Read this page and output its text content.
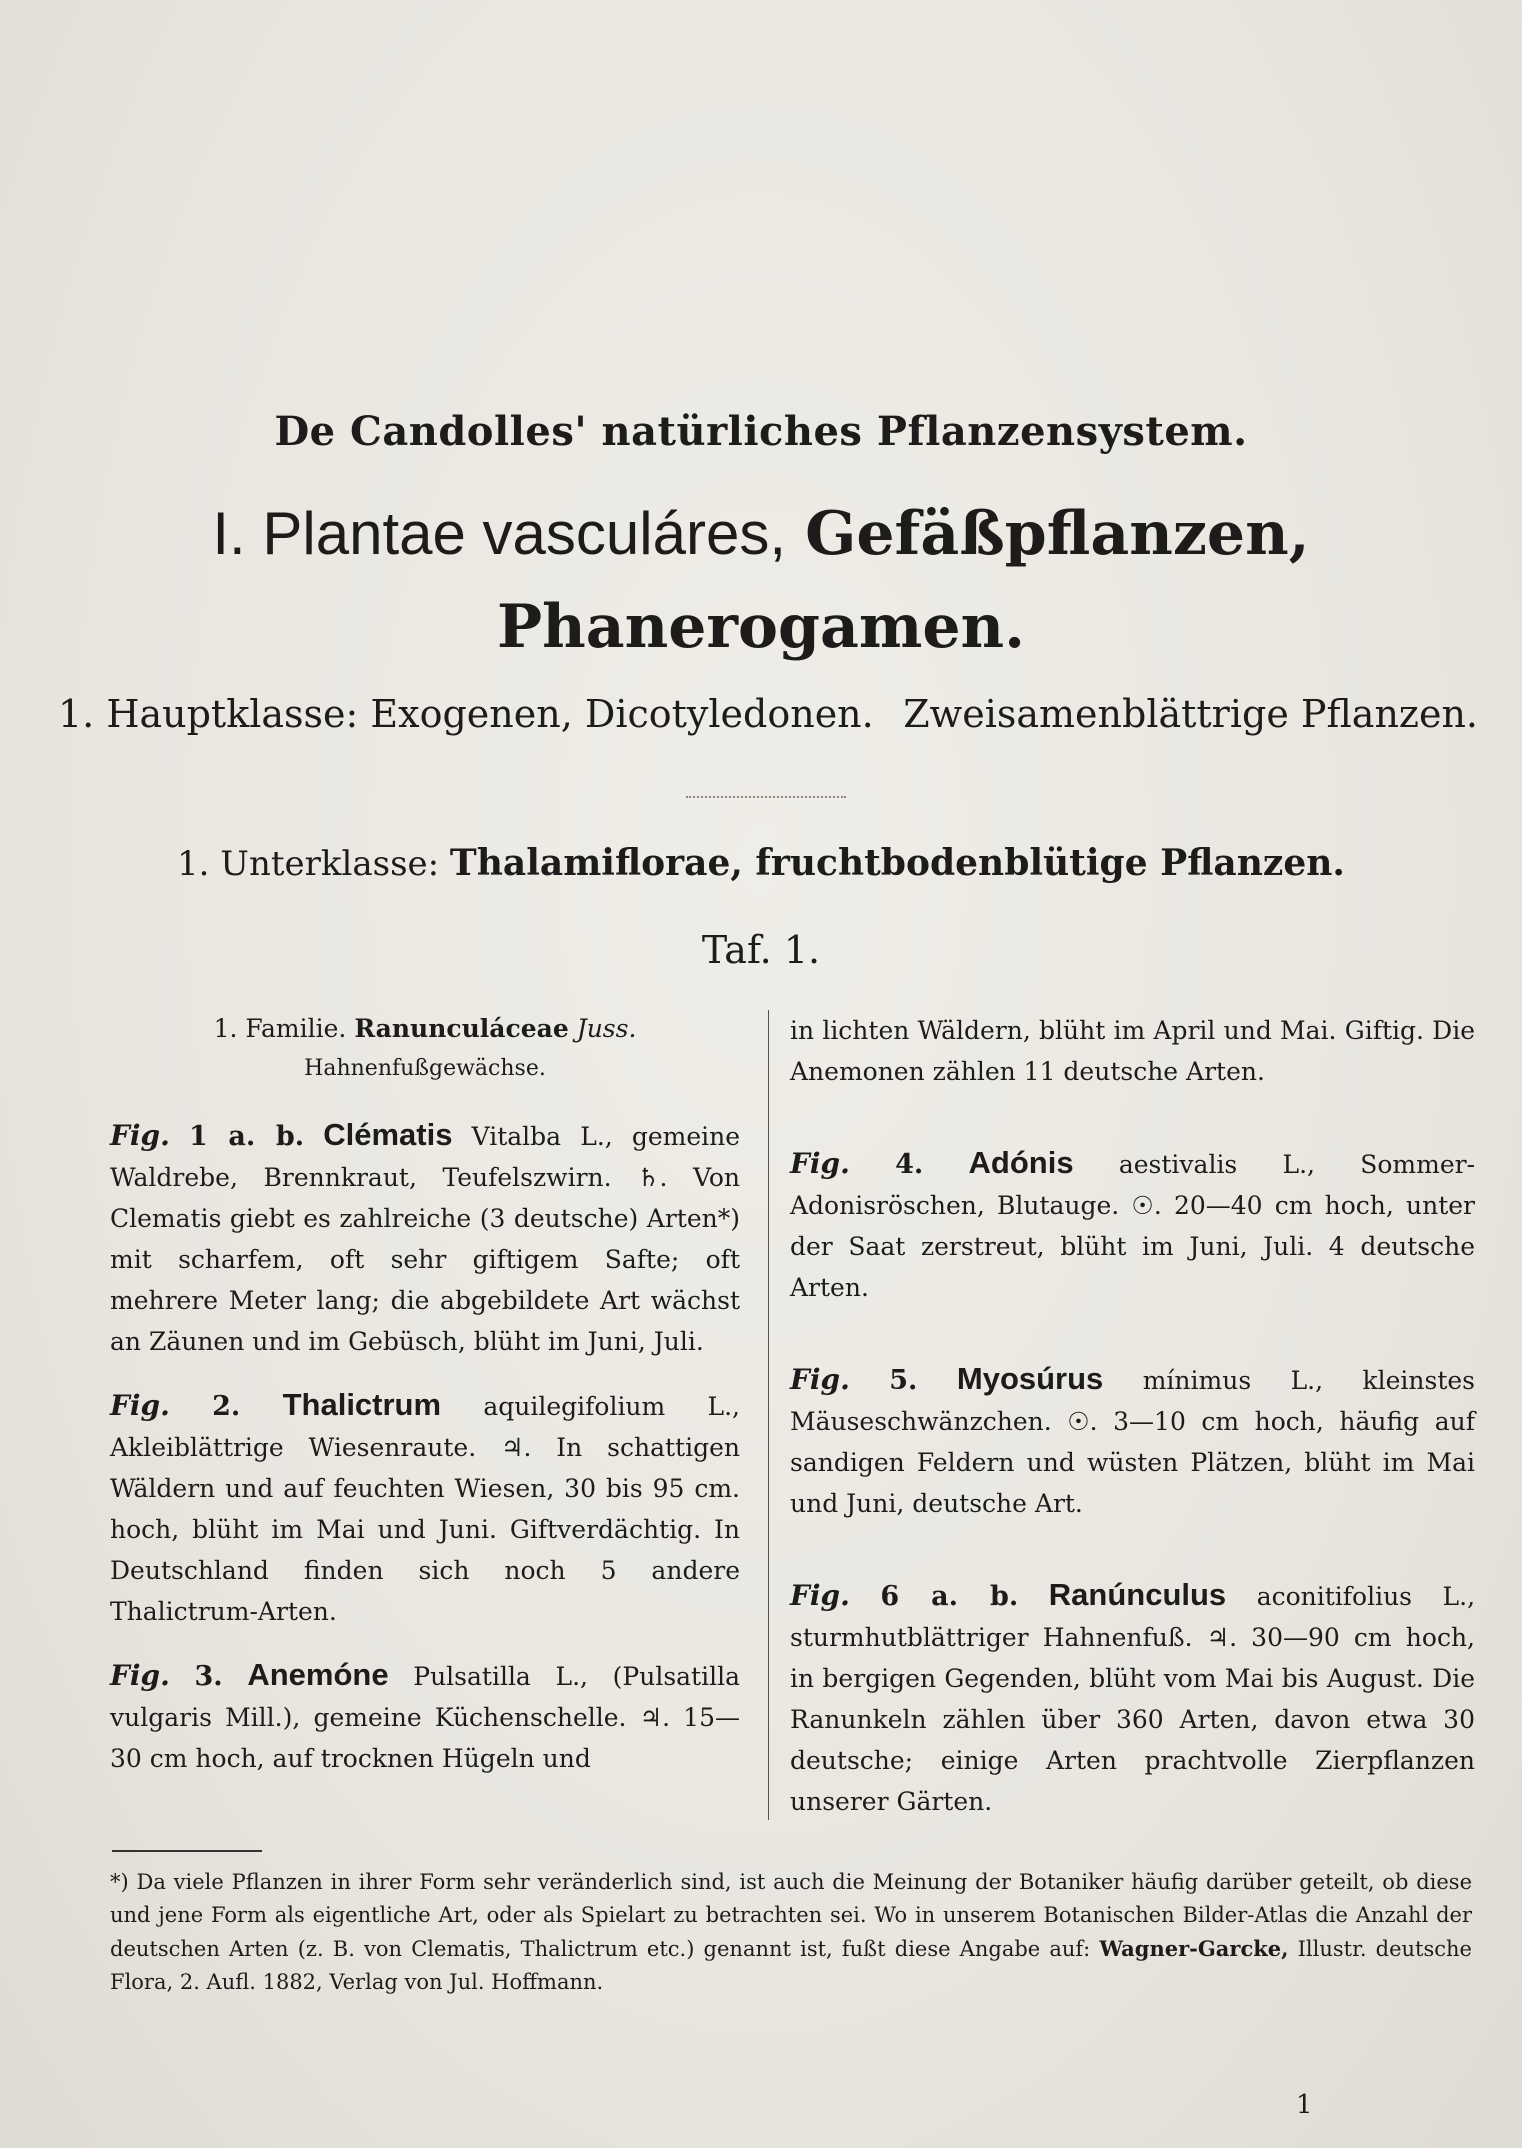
De Candolles' natürliches Pflanzensystem.
I. Plantae vasculáres, Gefäßpflanzen,
Phanerogamen.
1. Hauptklasse: Exogenen, Dicotyledonen. Zweisamenblättrige Pflanzen.
1. Unterklasse: Thalamiflorae, fruchtbodenblütige Pflanzen.
Taf. 1.
1. Familie. Ranunculáceae Juss.
Hahnenfußgewächse.
Fig. 1 a. b. Clématis Vitalba L., gemeine Waldrebe, Brennkraut, Teufelszwirn. ♄. Von Clematis giebt es zahlreiche (3 deutsche) Arten*) mit scharfem, oft sehr giftigem Safte; oft mehrere Meter lang; die abgebildete Art wächst an Zäunen und im Gebüsch, blüht im Juni, Juli.
Fig. 2. Thalictrum aquilegifolium L., Akleiblättrige Wiesenraute. ♃. In schattigen Wäldern und auf feuchten Wiesen, 30 bis 95 cm. hoch, blüht im Mai und Juni. Giftverdächtig. In Deutschland finden sich noch 5 andere Thalictrum-Arten.
Fig. 3. Anemóne Pulsatilla L., (Pulsatilla vulgaris Mill.), gemeine Küchenschelle. ♃. 15—30 cm hoch, auf trocknen Hügeln und
in lichten Wäldern, blüht im April und Mai. Giftig. Die Anemonen zählen 11 deutsche Arten.
Fig. 4. Adónis aestivalis L., Sommer-Adonisröschen, Blutauge. ☉. 20—40 cm hoch, unter der Saat zerstreut, blüht im Juni, Juli. 4 deutsche Arten.
Fig. 5. Myosúrus mínimus L., kleinstes Mäuseschwänzchen. ☉. 3—10 cm hoch, häufig auf sandigen Feldern und wüsten Plätzen, blüht im Mai und Juni, deutsche Art.
Fig. 6 a. b. Ranúnculus aconitifolius L., sturmhutblättriger Hahnenfuß. ♃. 30—90 cm hoch, in bergigen Gegenden, blüht vom Mai bis August. Die Ranunkeln zählen über 360 Arten, davon etwa 30 deutsche; einige Arten prachtvolle Zierpflanzen unserer Gärten.
*) Da viele Pflanzen in ihrer Form sehr veränderlich sind, ist auch die Meinung der Botaniker häufig darüber geteilt, ob diese und jene Form als eigentliche Art, oder als Spielart zu betrachten sei. Wo in unserem Botanischen Bilder-Atlas die Anzahl der deutschen Arten (z. B. von Clematis, Thalictrum etc.) genannt ist, fußt diese Angabe auf: Wagner-Garcke, Illustr. deutsche Flora, 2. Aufl. 1882, Verlag von Jul. Hoffmann.
1
